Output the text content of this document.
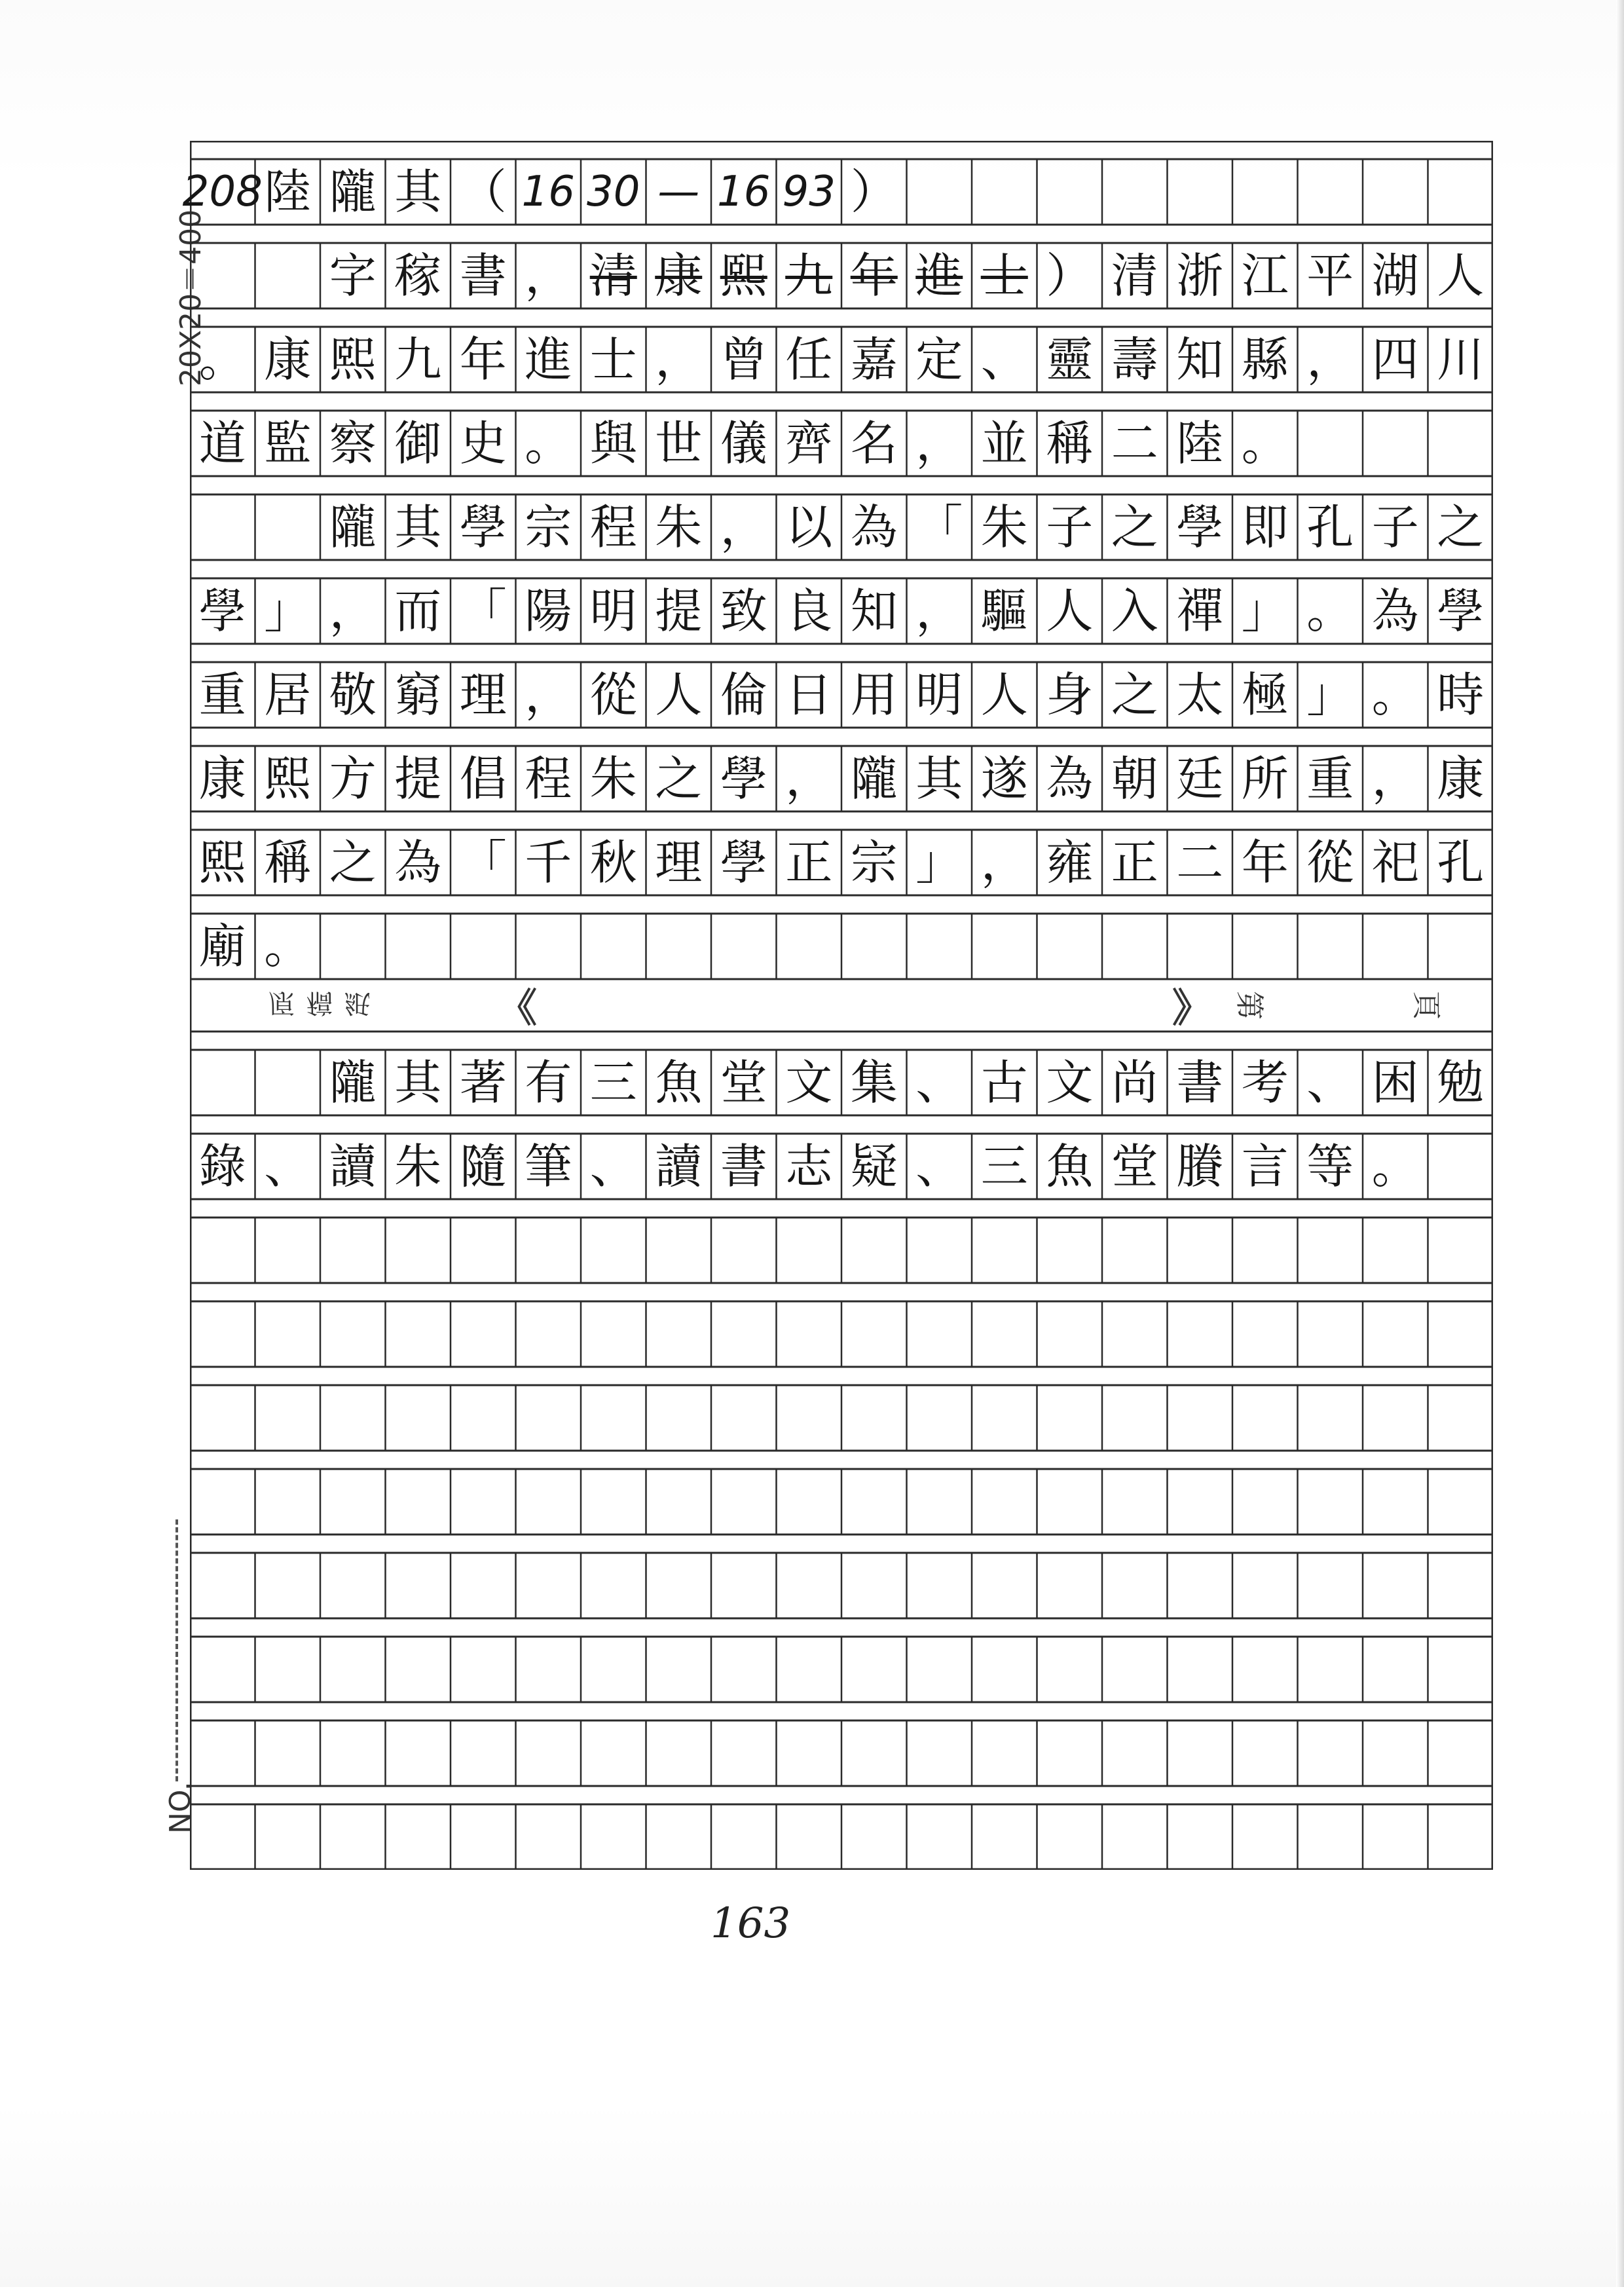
20X20＝400
NO.
原稿紙	《	》 第	頁
208 陸 隴 其 （ 16 30 — 16 93 ）
字 稼 書 ， 清 康 熙 九 年 進 士 ） 清 浙 江 平 湖 人
。 康 熙 九 年 進 士 ， 曾 任 嘉 定 、 靈 壽 知 縣 ， 四 川
道 監 察 御 史 。 與 世 儀 齊 名 ， 並 稱 二 陸 。
隴 其 學 宗 程 朱 ， 以 為 「 朱 子 之 學 即 孔 子 之
學 」 ， 而 「 陽 明 提 致 良 知 ， 驅 人 入 禪 」 。 為 學
重 居 敬 窮 理 ， 從 人 倫 日 用 明 人 身 之 太 極 」 。 時
康 熙 方 提 倡 程 朱 之 學 ， 隴 其 遂 為 朝 廷 所 重 ， 康
熙 稱 之 為 「 千 秋 理 學 正 宗 」 ， 雍 正 二 年 從 祀 孔
廟 。
隴 其 著 有 三 魚 堂 文 集 、 古 文 尚 書 考 、 困 勉
錄 、 讀 朱 隨 筆 、 讀 書 志 疑 、 三 魚 堂 賸 言 等 。
163
